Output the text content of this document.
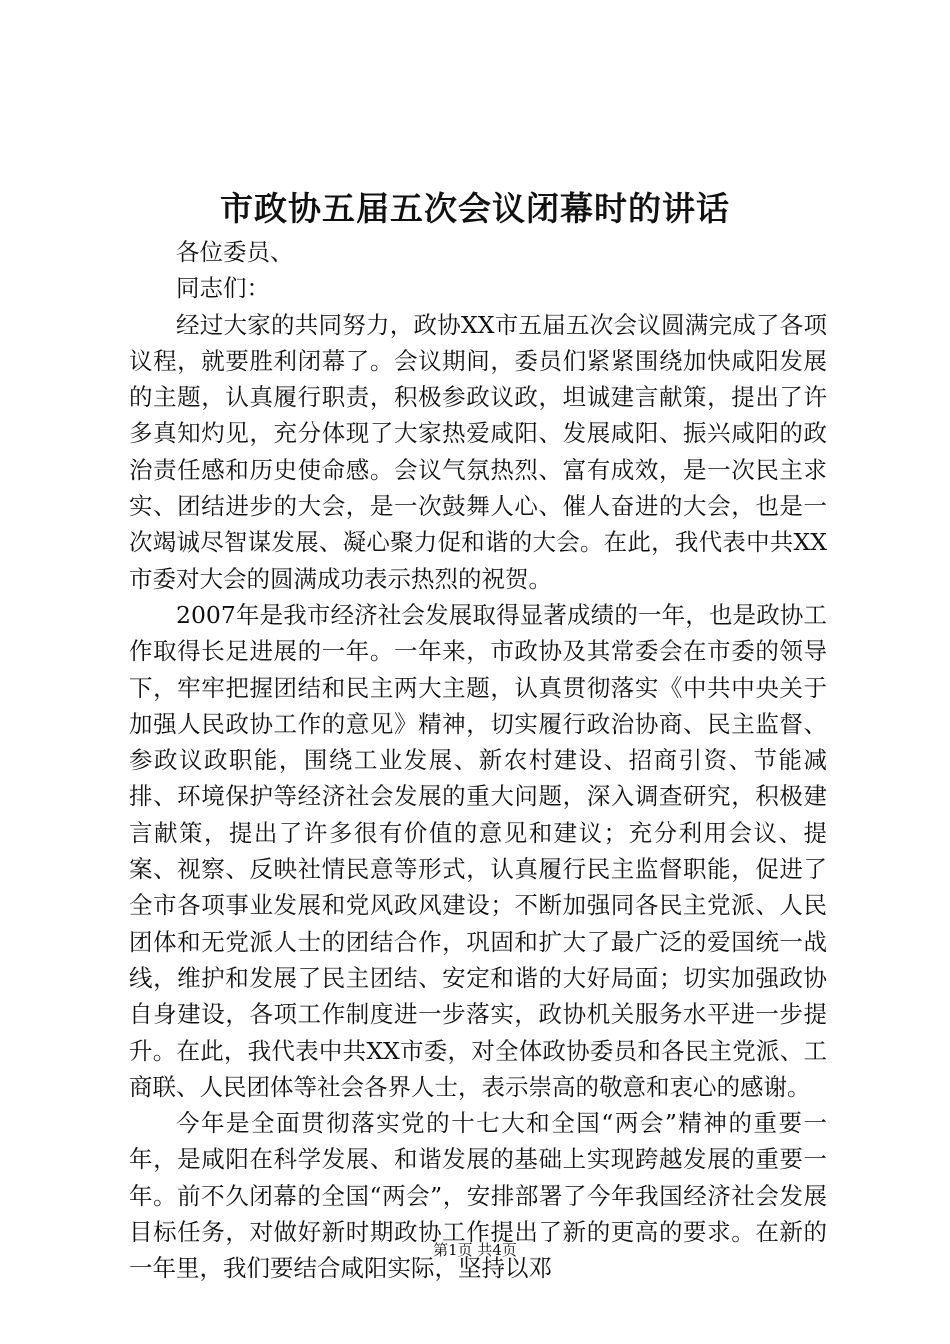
市政协五届五次会议闭幕时的讲话

各位委员、

同志们：

经过大家的共同努力，政协XX市五届五次会议圆满完成了各项议程，就要胜利闭幕了。会议期间，委员们紧紧围绕加快咸阳发展的主题，认真履行职责，积极参政议政，坦诚建言献策，提出了许多真知灼见，充分体现了大家热爱咸阳、发展咸阳、振兴咸阳的政治责任感和历史使命感。会议气氛热烈、富有成效，是一次民主求实、团结进步的大会，是一次鼓舞人心、催人奋进的大会，也是一次竭诚尽智谋发展、凝心聚力促和谐的大会。在此，我代表中共XX市委对大会的圆满成功表示热烈的祝贺。

2007年是我市经济社会发展取得显著成绩的一年，也是政协工作取得长足进展的一年。一年来，市政协及其常委会在市委的领导下，牢牢把握团结和民主两大主题，认真贯彻落实《中共中央关于加强人民政协工作的意见》精神，切实履行政治协商、民主监督、参政议政职能，围绕工业发展、新农村建设、招商引资、节能减排、环境保护等经济社会发展的重大问题，深入调查研究，积极建言献策，提出了许多很有价值的意见和建议；充分利用会议、提案、视察、反映社情民意等形式，认真履行民主监督职能，促进了全市各项事业发展和党风政风建设；不断加强同各民主党派、人民团体和无党派人士的团结合作，巩固和扩大了最广泛的爱国统一战线，维护和发展了民主团结、安定和谐的大好局面；切实加强政协自身建设，各项工作制度进一步落实，政协机关服务水平进一步提升。在此，我代表中共XX市委，对全体政协委员和各民主党派、工商联、人民团体等社会各界人士，表示崇高的敬意和衷心的感谢。

今年是全面贯彻落实党的十七大和全国“两会”精神的重要一年，是咸阳在科学发展、和谐发展的基础上实现跨越发展的重要一年。前不久闭幕的全国“两会”，安排部署了今年我国经济社会发展目标任务，对做好新时期政协工作提出了新的更高的要求。在新的一年里，我们要结合咸阳实际，坚持以邓

第1页 共4页
